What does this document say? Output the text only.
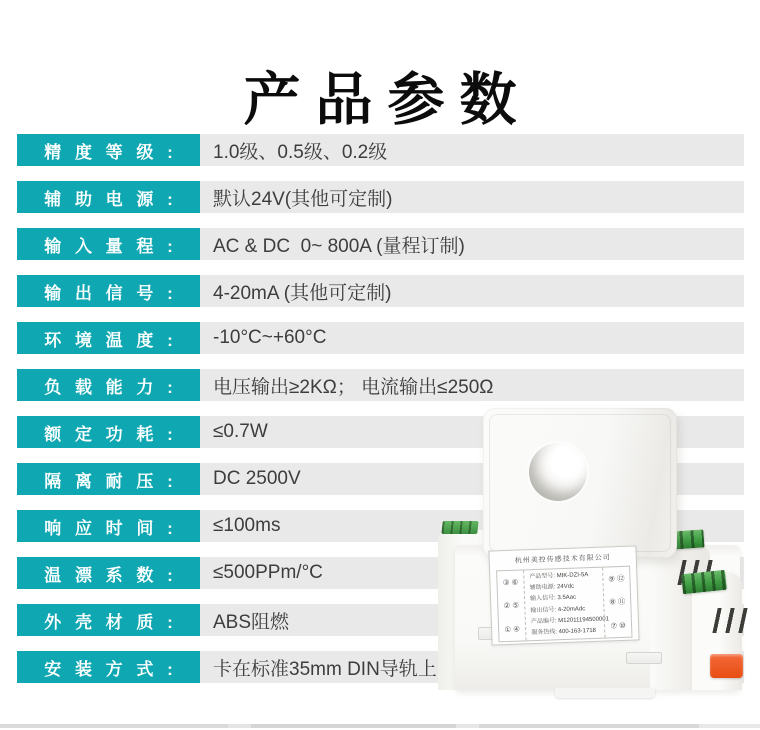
产品参数
精 度 等 级 :	1.0级、0.5级、0.2级
辅 助 电 源 :	默认24V(其他可定制)
输 入 量 程 :	AC & DC  0~ 800A (量程订制)
输 出 信 号 :	4-20mA (其他可定制)
环 境 温 度 :	-10°C~+60°C
负 载 能 力 :	电压输出≥2KΩ； 电流输出≤250Ω
额 定 功 耗 :	≤0.7W
隔 离 耐 压 :	DC 2500V
响 应 时 间 :	≤100ms
温 漂 系 数 :	≤500PPm/°C
外 壳 材 质 :	ABS阻燃
安 装 方 式 :	卡在标准35mm DIN导轨上
杭州美控传感技术有限公司
③ ⑥
② ⑤
① ④
产品型号: MIK-DZI-5A
辅助电源: 24Vdc
输入信号: 3.5Aac
输出信号: 4-20mAdc
产品编号: M12011194500001
服务热线: 400-163-1718
⑨ ⑫
⑧ ⑪
⑦ ⑩
